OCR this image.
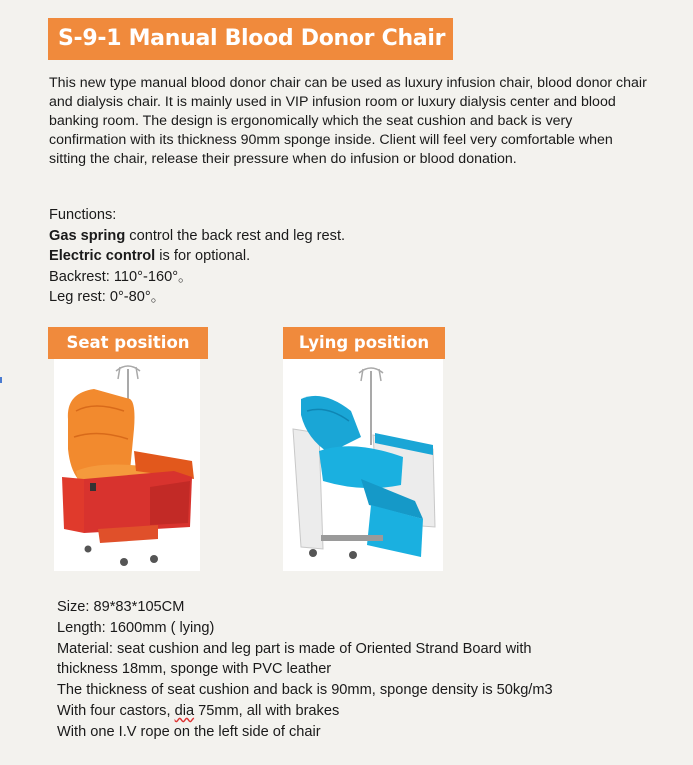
S-9-1 Manual Blood Donor Chair
This new type manual blood donor chair can be used as luxury infusion chair, blood donor chair and dialysis chair. It is mainly used in VIP infusion room or luxury dialysis center and blood banking room. The design is ergonomically which the seat cushion and back is very confirmation with its thickness 90mm sponge inside. Client will feel very comfortable when sitting the chair, release their pressure when do infusion or blood donation.
Functions:
Gas spring control the back rest and leg rest.
Electric control is for optional.
Backrest: 110°-160°。
Leg rest: 0°-80°。
Seat position	Lying position
Size: 89*83*105CM
Length: 1600mm ( lying)
Material: seat cushion and leg part is made of Oriented Strand Board with
thickness 18mm, sponge with PVC leather
The thickness of seat cushion and back is 90mm, sponge density is 50kg/m3
With four castors, dia 75mm, all with brakes
With one I.V rope on the left side of chair
